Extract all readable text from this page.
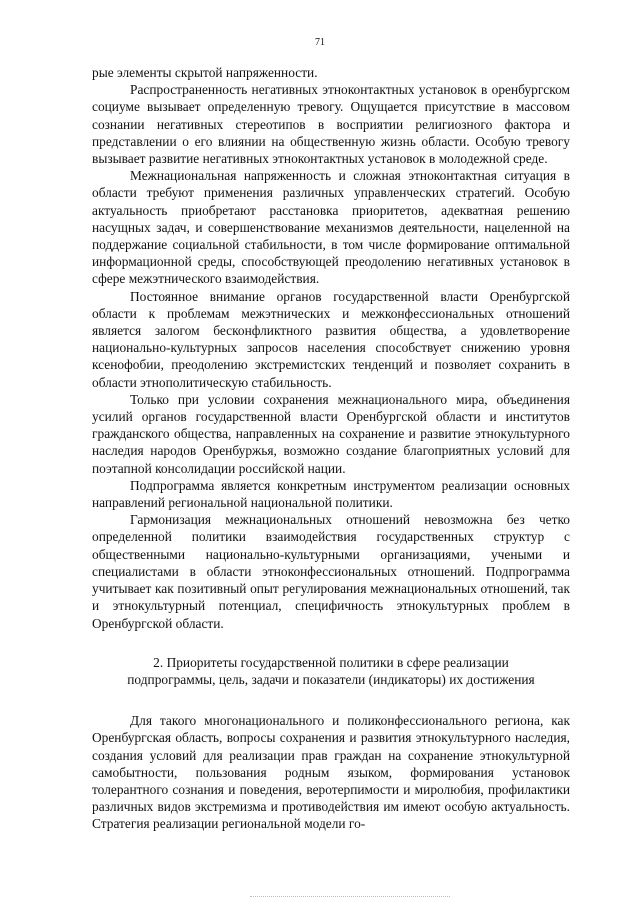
71

рые элементы скрытой напряженности.

Распространенность негативных этноконтактных установок в оренбургском социуме вызывает определенную тревогу. Ощущается присутствие в массовом сознании негативных стереотипов в восприятии религиозного фактора и представлении о его влиянии на общественную жизнь области. Особую тревогу вызывает развитие негативных этноконтактных установок в молодежной среде.

Межнациональная напряженность и сложная этноконтактная ситуация в области требуют применения различных управленческих стратегий. Особую актуальность приобретают расстановка приоритетов, адекватная решению насущных задач, и совершенствование механизмов деятельности, нацеленной на поддержание социальной стабильности, в том числе формирование оптимальной информационной среды, способствующей преодолению негативных установок в сфере межэтнического взаимодействия.

Постоянное внимание органов государственной власти Оренбургской области к проблемам межэтнических и межконфессиональных отношений является залогом бесконфликтного развития общества, а удовлетворение национально-культурных запросов населения способствует снижению уровня ксенофобии, преодолению экстремистских тенденций и позволяет сохранить в области этнополитическую стабильность.

Только при условии сохранения межнационального мира, объединения усилий органов государственной власти Оренбургской области и институтов гражданского общества, направленных на сохранение и развитие этнокультурного наследия народов Оренбуржья, возможно создание благоприятных условий для поэтапной консолидации российской нации.

Подпрограмма является конкретным инструментом реализации основных направлений региональной национальной политики.

Гармонизация межнациональных отношений невозможна без четко определенной политики взаимодействия государственных структур с общественными национально-культурными организациями, учеными и специалистами в области этноконфессиональных отношений. Подпрограмма учитывает как позитивный опыт регулирования межнациональных отношений, так и этнокультурный потенциал, специфичность этнокультурных проблем в Оренбургской области.

2. Приоритеты государственной политики в сфере реализации
подпрограммы, цель, задачи и показатели (индикаторы) их достижения

Для такого многонационального и поликонфессионального региона, как Оренбургская область, вопросы сохранения и развития этнокультурного наследия, создания условий для реализации прав граждан на сохранение этнокультурной самобытности, пользования родным языком, формирования установок толерантного сознания и поведения, веротерпимости и миролюбия, профилактики различных видов экстремизма и противодействия им имеют особую актуальность. Стратегия реализации региональной модели го-
